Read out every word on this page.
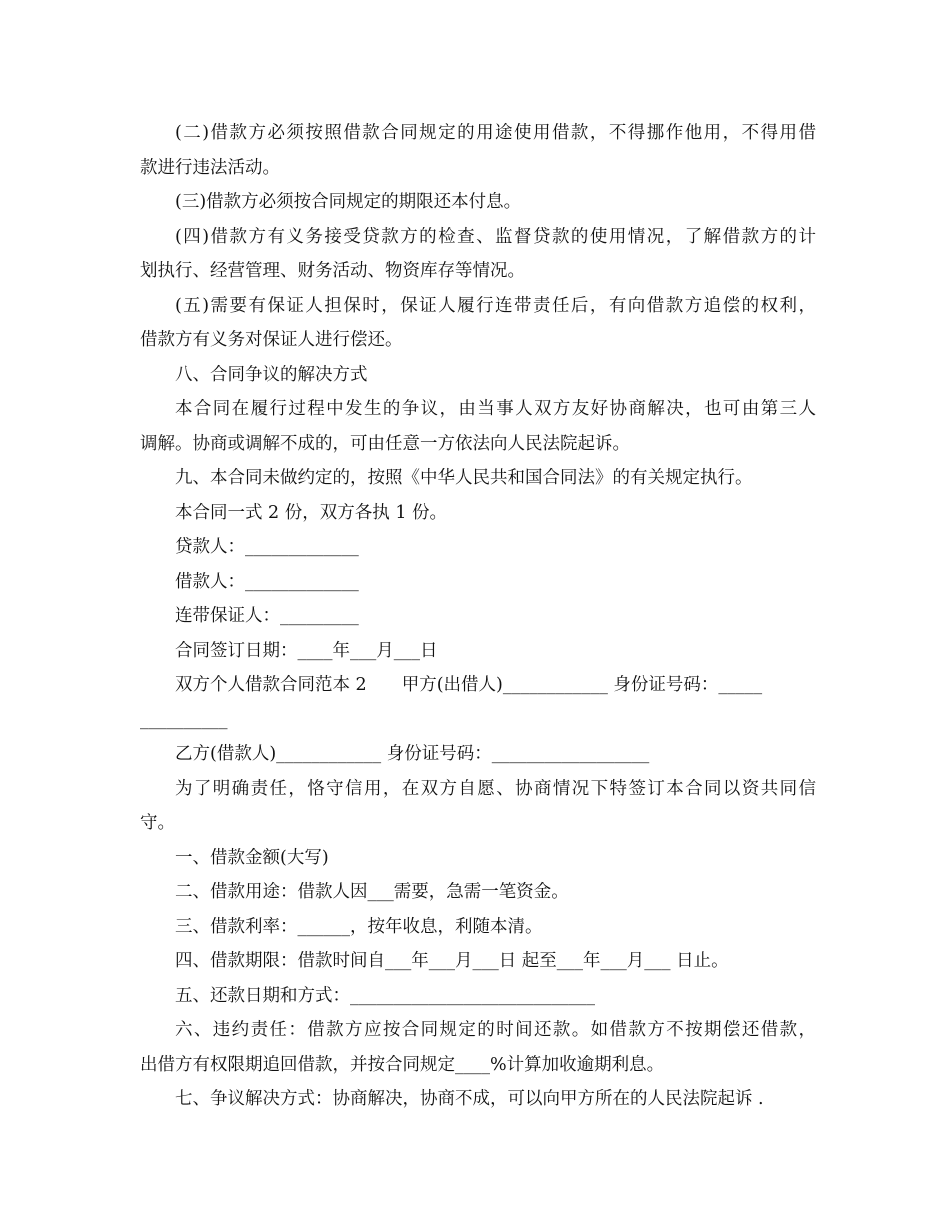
(二)借款方必须按照借款合同规定的用途使用借款，不得挪作他用，不得用借
款进行违法活动。
(三)借款方必须按合同规定的期限还本付息。
(四)借款方有义务接受贷款方的检查、监督贷款的使用情况，了解借款方的计
划执行、经营管理、财务活动、物资库存等情况。
(五)需要有保证人担保时，保证人履行连带责任后，有向借款方追偿的权利，
借款方有义务对保证人进行偿还。
八、合同争议的解决方式
本合同在履行过程中发生的争议，由当事人双方友好协商解决，也可由第三人
调解。协商或调解不成的，可由任意一方依法向人民法院起诉。
九、本合同未做约定的，按照《中华人民共和国合同法》的有关规定执行。
本合同一式 2 份，双方各执 1 份。
贷款人：_____________
借款人：_____________
连带保证人：_________
合同签订日期：____年___月___日
双方个人借款合同范本 2　　甲方(出借人)____________ 身份证号码：_____
__________
乙方(借款人)____________ 身份证号码：__________________
为了明确责任，恪守信用，在双方自愿、协商情况下特签订本合同以资共同信
守。
一、借款金额(大写)
二、借款用途：借款人因___需要，急需一笔资金。
三、借款利率：______，按年收息，利随本清。
四、借款期限：借款时间自___年___月___日 起至___年___月___ 日止。
五、还款日期和方式：____________________________
六、违约责任：借款方应按合同规定的时间还款。如借款方不按期偿还借款，
出借方有权限期追回借款，并按合同规定____%计算加收逾期利息。
七、争议解决方式：协商解决，协商不成，可以向甲方所在的人民法院起诉 .
